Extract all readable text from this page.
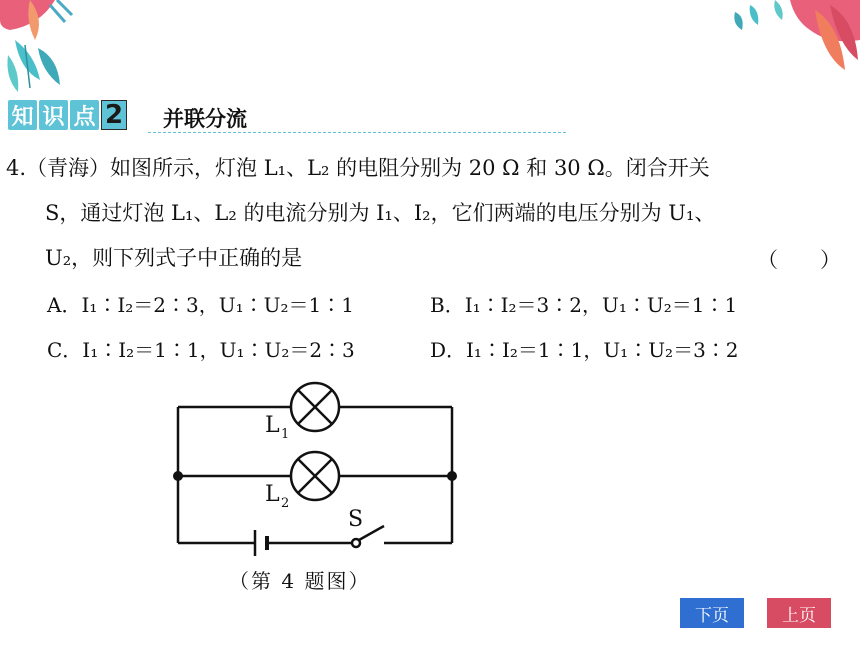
知 识 点 2 并联分流
4.（青海）如图所示，灯泡 L₁、L₂ 的电阻分别为 20 Ω 和 30 Ω。闭合开关
S，通过灯泡 L₁、L₂ 的电流分别为 I₁、I₂，它们两端的电压分别为 U₁、
U₂，则下列式子中正确的是	（　　）
A．I₁∶I₂＝2∶3，U₁∶U₂＝1∶1	B．I₁∶I₂＝3∶2，U₁∶U₂＝1∶1
C．I₁∶I₂＝1∶1，U₁∶U₂＝2∶3	D．I₁∶I₂＝1∶1，U₁∶U₂＝3∶2
L 1
L 2
S
（第 4 题图）
下页	上页
